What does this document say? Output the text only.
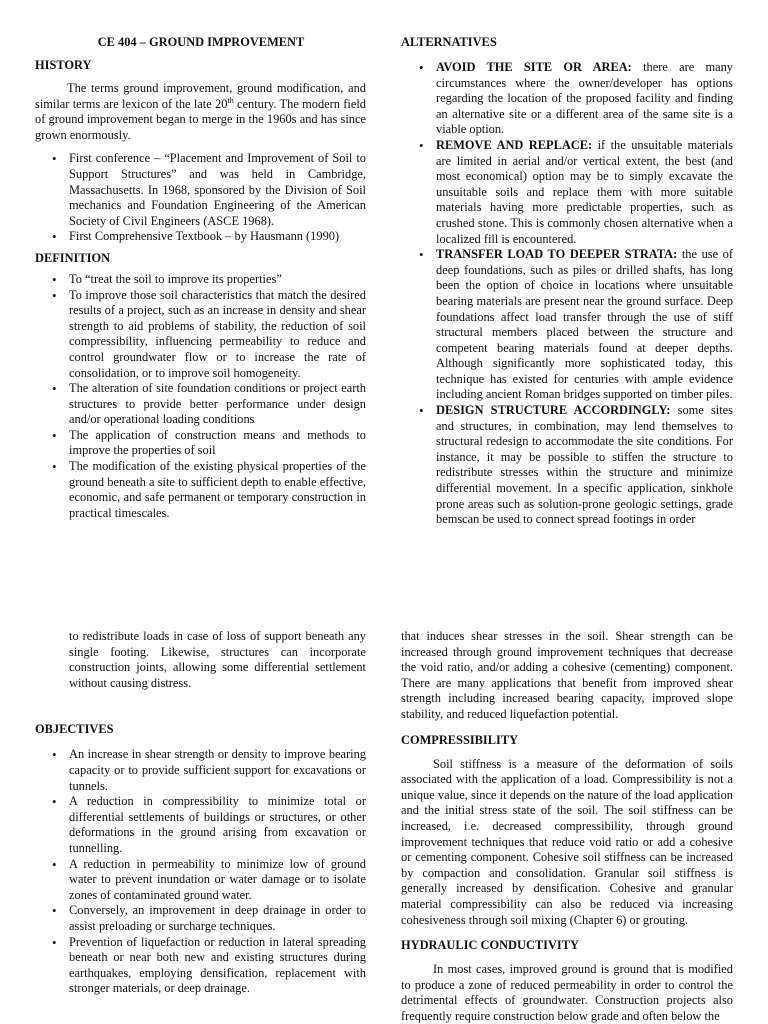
CE 404 – GROUND IMPROVEMENT
HISTORY

The terms ground improvement, ground modification, and similar terms are lexicon of the late 20th century. The modern field of ground improvement began to merge in the 1960s and has since grown enormously.

• First conference – “Placement and Improvement of Soil to Support Structures” and was held in Cambridge, Massachusetts. In 1968, sponsored by the Division of Soil mechanics and Foundation Engineering of the American Society of Civil Engineers (ASCE 1968).
• First Comprehensive Textbook – by Hausmann (1990)
DEFINITION
• To “treat the soil to improve its properties”
• To improve those soil characteristics that match the desired results of a project, such as an increase in density and shear strength to aid problems of stability, the reduction of soil compressibility, influencing permeability to reduce and control groundwater flow or to increase the rate of consolidation, or to improve soil homogeneity.
• The alteration of site foundation conditions or project earth structures to provide better performance under design and/or operational loading conditions
• The application of construction means and methods to improve the properties of soil
• The modification of the existing physical properties of the ground beneath a site to sufficient depth to enable effective, economic, and safe permanent or temporary construction in practical timescales.
ALTERNATIVES
• AVOID THE SITE OR AREA: there are many circumstances where the owner/developer has options regarding the location of the proposed facility and finding an alternative site or a different area of the same site is a viable option.
• REMOVE AND REPLACE: if the unsuitable materials are limited in aerial and/or vertical extent, the best (and most economical) option may be to simply excavate the unsuitable soils and replace them with more suitable materials having more predictable properties, such as crushed stone. This is commonly chosen alternative when a localized fill is encountered.
• TRANSFER LOAD TO DEEPER STRATA: the use of deep foundations, such as piles or drilled shafts, has long been the option of choice in locations where unsuitable bearing materials are present near the ground surface. Deep foundations affect load transfer through the use of stiff structural members placed between the structure and competent bearing materials found at deeper depths. Although significantly more sophisticated today, this technique has existed for centuries with ample evidence including ancient Roman bridges supported on timber piles.
• DESIGN STRUCTURE ACCORDINGLY: some sites and structures, in combination, may lend themselves to structural redesign to accommodate the site conditions. For instance, it may be possible to stiffen the structure to redistribute stresses within the structure and minimize differential movement. In a specific application, sinkhole prone areas such as solution-prone geologic settings, grade bemscan be used to connect spread footings in order

to redistribute loads in case of loss of support beneath any single footing. Likewise, structures can incorporate construction joints, allowing some differential settlement without causing distress.

OBJECTIVES
• An increase in shear strength or density to improve bearing capacity or to provide sufficient support for excavations or tunnels.
• A reduction in compressibility to minimize total or differential settlements of buildings or structures, or other deformations in the ground arising from excavation or tunnelling.
• A reduction in permeability to minimize low of ground water to prevent inundation or water damage or to isolate zones of contaminated ground water.
• Conversely, an improvement in deep drainage in order to assist preloading or surcharge techniques.
• Prevention of liquefaction or reduction in lateral spreading beneath or near both new and existing structures during earthquakes, employing densification, replacement with stronger materials, or deep drainage.

that induces shear stresses in the soil. Shear strength can be increased through ground improvement techniques that decrease the void ratio, and/or adding a cohesive (cementing) component. There are many applications that benefit from improved shear strength including increased bearing capacity, improved slope stability, and reduced liquefaction potential.

COMPRESSIBILITY

Soil stiffness is a measure of the deformation of soils associated with the application of a load. Compressibility is not a unique value, since it depends on the nature of the load application and the initial stress state of the soil. The soil stiffness can be increased, i.e. decreased compressibility, through ground improvement techniques that reduce void ratio or add a cohesive or cementing component. Cohesive soil stiffness can be increased by compaction and consolidation. Granular soil stiffness is generally increased by densification. Cohesive and granular material compressibility can also be reduced via increasing cohesiveness through soil mixing (Chapter 6) or grouting.

HYDRAULIC CONDUCTIVITY

In most cases, improved ground is ground that is modified to produce a zone of reduced permeability in order to control the detrimental effects of groundwater. Construction projects also frequently require construction below grade and often below the
